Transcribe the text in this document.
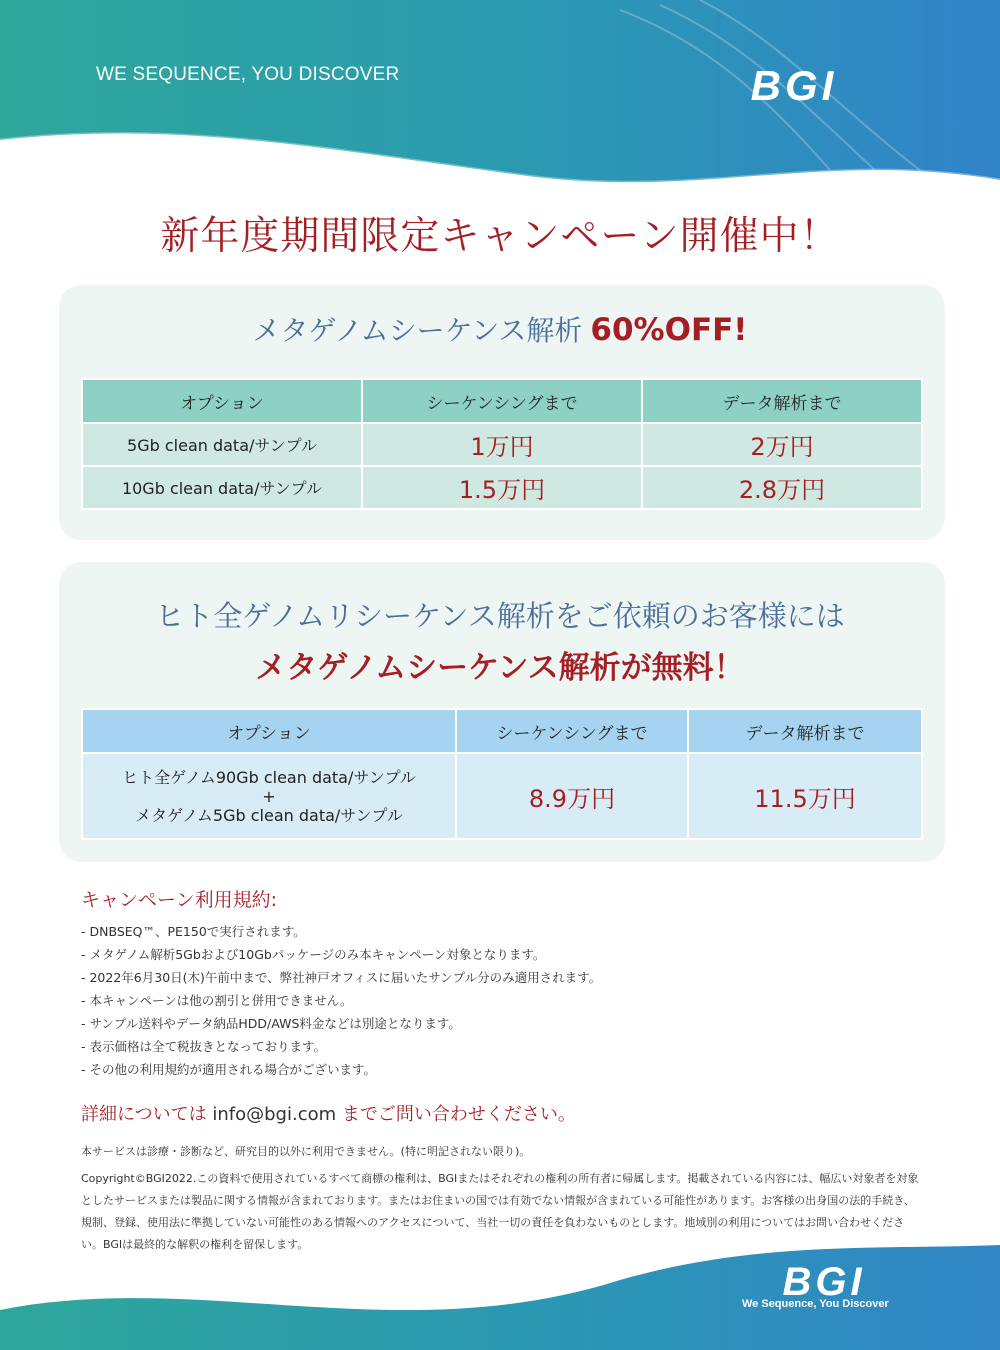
WE SEQUENCE, YOU DISCOVER	BGI
新年度期間限定キャンペーン開催中！
メタゲノムシーケンス解析 60%OFF!
オプション	シーケンシングまで	データ解析まで
5Gb clean data/サンプル	1万円	2万円
10Gb clean data/サンプル	1.5万円	2.8万円
ヒト全ゲノムリシーケンス解析をご依頼のお客様には
メタゲノムシーケンス解析が無料！
オプション	シーケンシングまで	データ解析まで

ヒト全ゲノム90Gb clean data/サンプル
+
メタゲノム5Gb clean data/サンプル	8.9万円	11.5万円
キャンペーン利用規約:
- DNBSEQ™、PE150で実行されます。
- メタゲノム解析5Gbおよび10Gbパッケージのみ本キャンペーン対象となります。
- 2022年6月30日(木)午前中まで、弊社神戸オフィスに届いたサンプル分のみ適用されます。
- 本キャンペーンは他の割引と併用できません。
- サンプル送料やデータ納品HDD/AWS料金などは別途となります。
- 表示価格は全て税抜きとなっております。
- その他の利用規約が適用される場合がございます。
詳細については info@bgi.com までご問い合わせください。
本サービスは診療・診断など、研究目的以外に利用できません。(特に明記されない限り)。
Copyright©BGI2022.この資料で使用されているすべて商標の権利は、BGIまたはそれぞれの権利の所有者に帰属します。掲載されている内容には、幅広い対象者を対象としたサービスまたは製品に関する情報が含まれております。またはお住まいの国では有効でない情報が含まれている可能性があります。お客様の出身国の法的手続き、規制、登録、使用法に準拠していない可能性のある情報へのアクセスについて、当社一切の責任を負わないものとします。地域別の利用についてはお問い合わせください。BGIは最終的な解釈の権利を留保します。
BGI
We Sequence, You Discover
